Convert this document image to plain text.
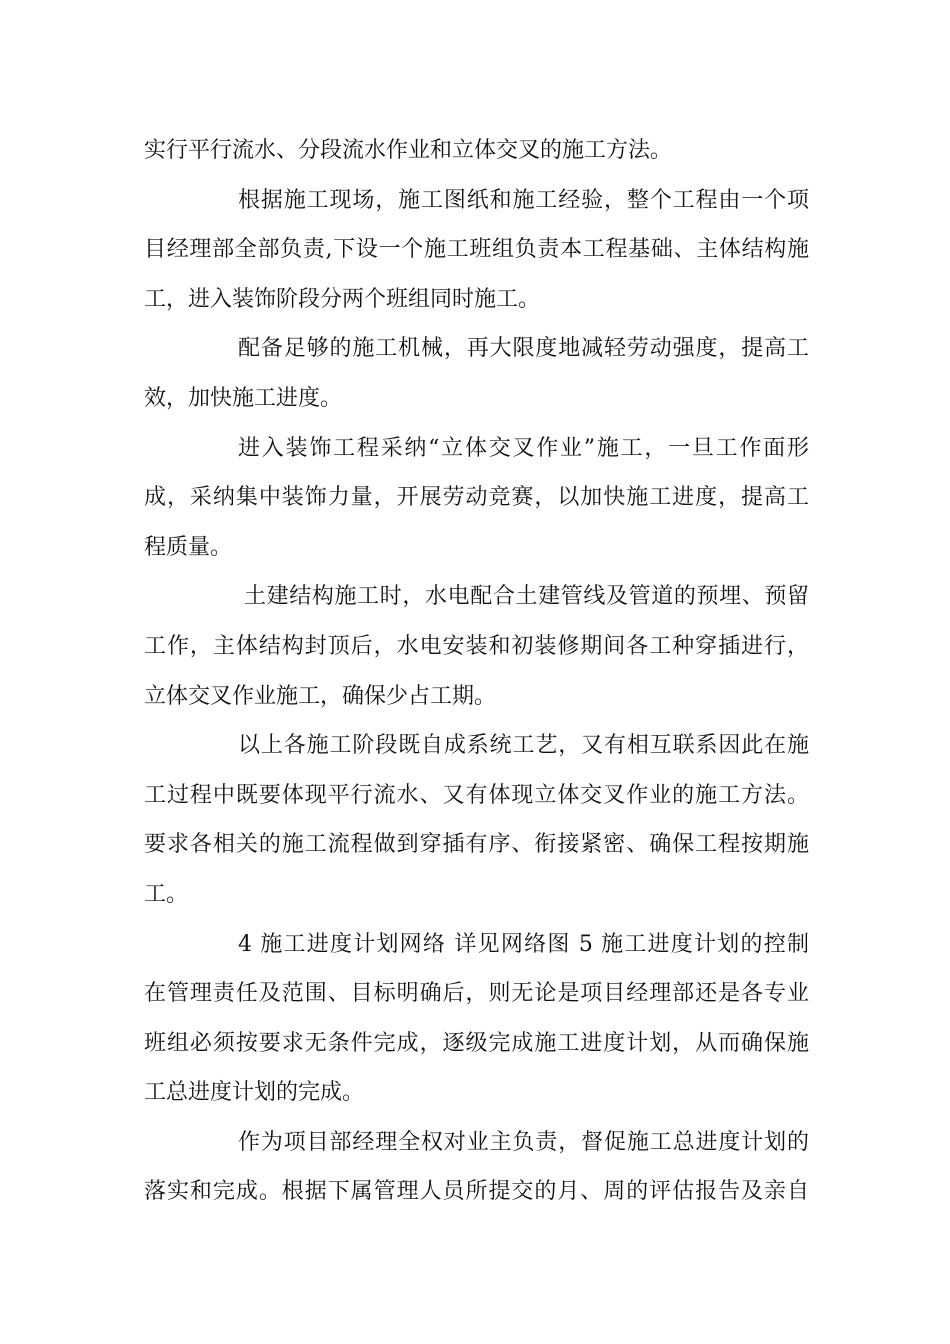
实行平行流水、分段流水作业和立体交叉的施工方法。
根据施工现场，施工图纸和施工经验，整个工程由一个项
目经理部全部负责,下设一个施工班组负责本工程基础、主体结构施
工，进入装饰阶段分两个班组同时施工。
配备足够的施工机械，再大限度地减轻劳动强度，提高工
效，加快施工进度。
进入装饰工程采纳“立体交叉作业”施工，一旦工作面形
成，采纳集中装饰力量，开展劳动竞赛，以加快施工进度，提高工
程质量。
土建结构施工时，水电配合土建管线及管道的预埋、预留
工作，主体结构封顶后，水电安装和初装修期间各工种穿插进行，
立体交叉作业施工，确保少占工期。
以上各施工阶段既自成系统工艺，又有相互联系因此在施
工过程中既要体现平行流水、又有体现立体交叉作业的施工方法。
要求各相关的施工流程做到穿插有序、衔接紧密、确保工程按期施
工。
4 施工进度计划网络 详见网络图 5 施工进度计划的控制
在管理责任及范围、目标明确后，则无论是项目经理部还是各专业
班组必须按要求无条件完成，逐级完成施工进度计划，从而确保施
工总进度计划的完成。
作为项目部经理全权对业主负责，督促施工总进度计划的
落实和完成。根据下属管理人员所提交的月、周的评估报告及亲自
